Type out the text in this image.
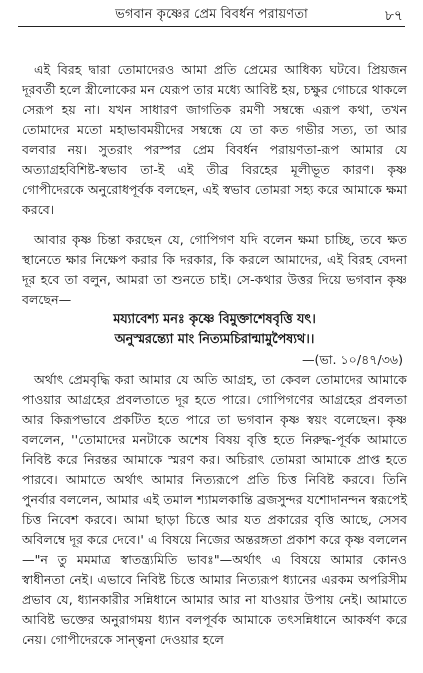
ভগবান কৃষ্ণের প্রেম বিবর্ধন পরায়ণতা	৮৭

এই বিরহ দ্বারা তোমাদেরও আমা প্রতি প্রেমের আধিক্য ঘটবে। প্রিয়জন দূরবর্তী হলে স্ত্রীলোকের মন যেরূপ তার মধ্যে আবিষ্ট হয়, চক্ষুর গোচরে থাকলে সেরূপ হয় না। যখন সাধারণ জাগতিক রমণী সম্বন্ধে এরূপ কথা, তখন তোমাদের মতো মহাভাবময়ীদের সম্বন্ধে যে তা কত গভীর সত্য, তা আর বলবার নয়। সুতরাং পরস্পর প্রেম বিবর্ধন পরায়ণতা-রূপ আমার যে অত্যাগ্রহবিশিষ্ট-স্বভাব তা-ই এই তীব্র বিরহের মূলীভূত কারণ। কৃষ্ণ গোপীদেরকে অনুরোধপূর্বক বলছেন, এই স্বভাব তোমরা সহ্য করে আমাকে ক্ষমা করবে।

আবার কৃষ্ণ চিন্তা করছেন যে, গোপিগণ যদি বলেন ক্ষমা চাচ্ছি, তবে ক্ষত স্থানেতে ক্ষার নিক্ষেপ করার কি দরকার, কি করলে আমাদের, এই বিরহ বেদনা দূর হবে তা বলুন, আমরা তা শুনতে চাই। সে-কথার উত্তর দিয়ে ভগবান কৃষ্ণ বলছেন—

ময্যাবেশ্য মনঃ কৃষ্ণে বিমুক্তাশেষবৃত্তি যৎ।

অনুস্মরন্ত্যো মাং নিত্যমচিরান্মামুপৈষ্যথ।।

—(ভা. ১০/৪৭/৩৬)

অর্থাৎ প্রেমবৃদ্ধি করা আমার যে অতি আগ্রহ, তা কেবল তোমাদের আমাকে পাওয়ার আগ্রহের প্রবলতাতে দূর হতে পারে। গোপিগণের আগ্রহের প্রবলতা আর কিরূপভাবে প্রকটিত হতে পারে তা ভগবান কৃষ্ণ স্বয়ং বলেছেন। কৃষ্ণ বললেন, ''তোমাদের মনটাকে অশেষ বিষয় বৃত্তি হতে নিরুদ্ধ-পূর্বক আমাতে নিবিষ্ট করে নিরন্তর আমাকে স্মরণ কর। অচিরাৎ তোমরা আমাকে প্রাপ্ত হতে পারবে। আমাতে অর্থাৎ আমার নিত্যরূপে প্রতি চিত্ত নিবিষ্ট করবে। তিনি পুনর্বার বললেন, আমার এই তমাল শ্যামলকান্তি ব্রজসুন্দর যশোদানন্দন স্বরূপেই চিত্ত নিবেশ করবে। আমা ছাড়া চিত্তে আর যত প্রকারের বৃত্তি আছে, সেসব অবিলম্বে দূর করে দেবে।' এ বিষয়ে নিজের অন্তরঙ্গতা প্রকাশ করে কৃষ্ণ বললেন—"ন তু মমমাত্র স্বাতন্ত্র্যমিতি ভাবঃ"—অর্থাৎ এ বিষয়ে আমার কোনও স্বাধীনতা নেই। এভাবে নিবিষ্ট চিত্তে আমার নিত্যরূপ ধ্যানের এরকম অপরিসীম প্রভাব যে, ধ্যানকারীর সন্নিধানে আমার আর না যাওয়ার উপায় নেই। আমাতে আবিষ্ট ভক্তের অনুরাগময় ধ্যান বলপূর্বক আমাকে তৎসন্নিধানে আকর্ষণ করে নেয়। গোপীদেরকে সান্ত্বনা দেওয়ার হলে
